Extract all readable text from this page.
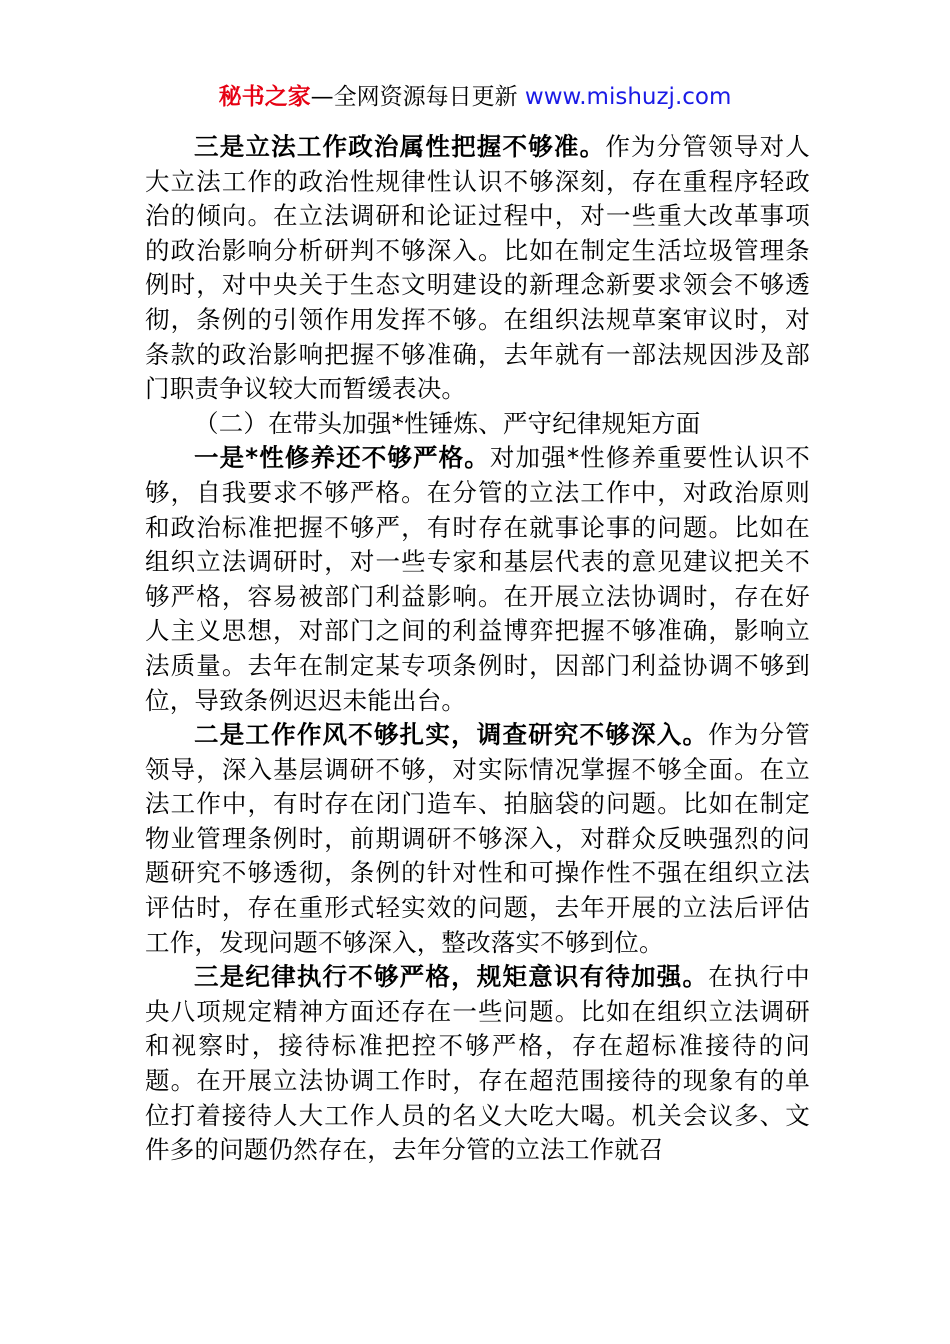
秘书之家—全网资源每日更新 www.mishuzj.com

三是立法工作政治属性把握不够准。作为分管领导对人大立法工作的政治性规律性认识不够深刻，存在重程序轻政治的倾向。在立法调研和论证过程中，对一些重大改革事项的政治影响分析研判不够深入。比如在制定生活垃圾管理条例时，对中央关于生态文明建设的新理念新要求领会不够透彻，条例的引领作用发挥不够。在组织法规草案审议时，对条款的政治影响把握不够准确，去年就有一部法规因涉及部门职责争议较大而暂缓表决。

（二）在带头加强*性锤炼、严守纪律规矩方面

一是*性修养还不够严格。对加强*性修养重要性认识不够，自我要求不够严格。在分管的立法工作中，对政治原则和政治标准把握不够严，有时存在就事论事的问题。比如在组织立法调研时，对一些专家和基层代表的意见建议把关不够严格，容易被部门利益影响。在开展立法协调时，存在好人主义思想，对部门之间的利益博弈把握不够准确，影响立法质量。去年在制定某专项条例时，因部门利益协调不够到位，导致条例迟迟未能出台。

二是工作作风不够扎实，调查研究不够深入。作为分管领导，深入基层调研不够，对实际情况掌握不够全面。在立法工作中，有时存在闭门造车、拍脑袋的问题。比如在制定物业管理条例时，前期调研不够深入，对群众反映强烈的问题研究不够透彻，条例的针对性和可操作性不强在组织立法评估时，存在重形式轻实效的问题，去年开展的立法后评估工作，发现问题不够深入，整改落实不够到位。

三是纪律执行不够严格，规矩意识有待加强。在执行中央八项规定精神方面还存在一些问题。比如在组织立法调研和视察时，接待标准把控不够严格，存在超标准接待的问题。在开展立法协调工作时，存在超范围接待的现象有的单位打着接待人大工作人员的名义大吃大喝。机关会议多、文件多的问题仍然存在，去年分管的立法工作就召
